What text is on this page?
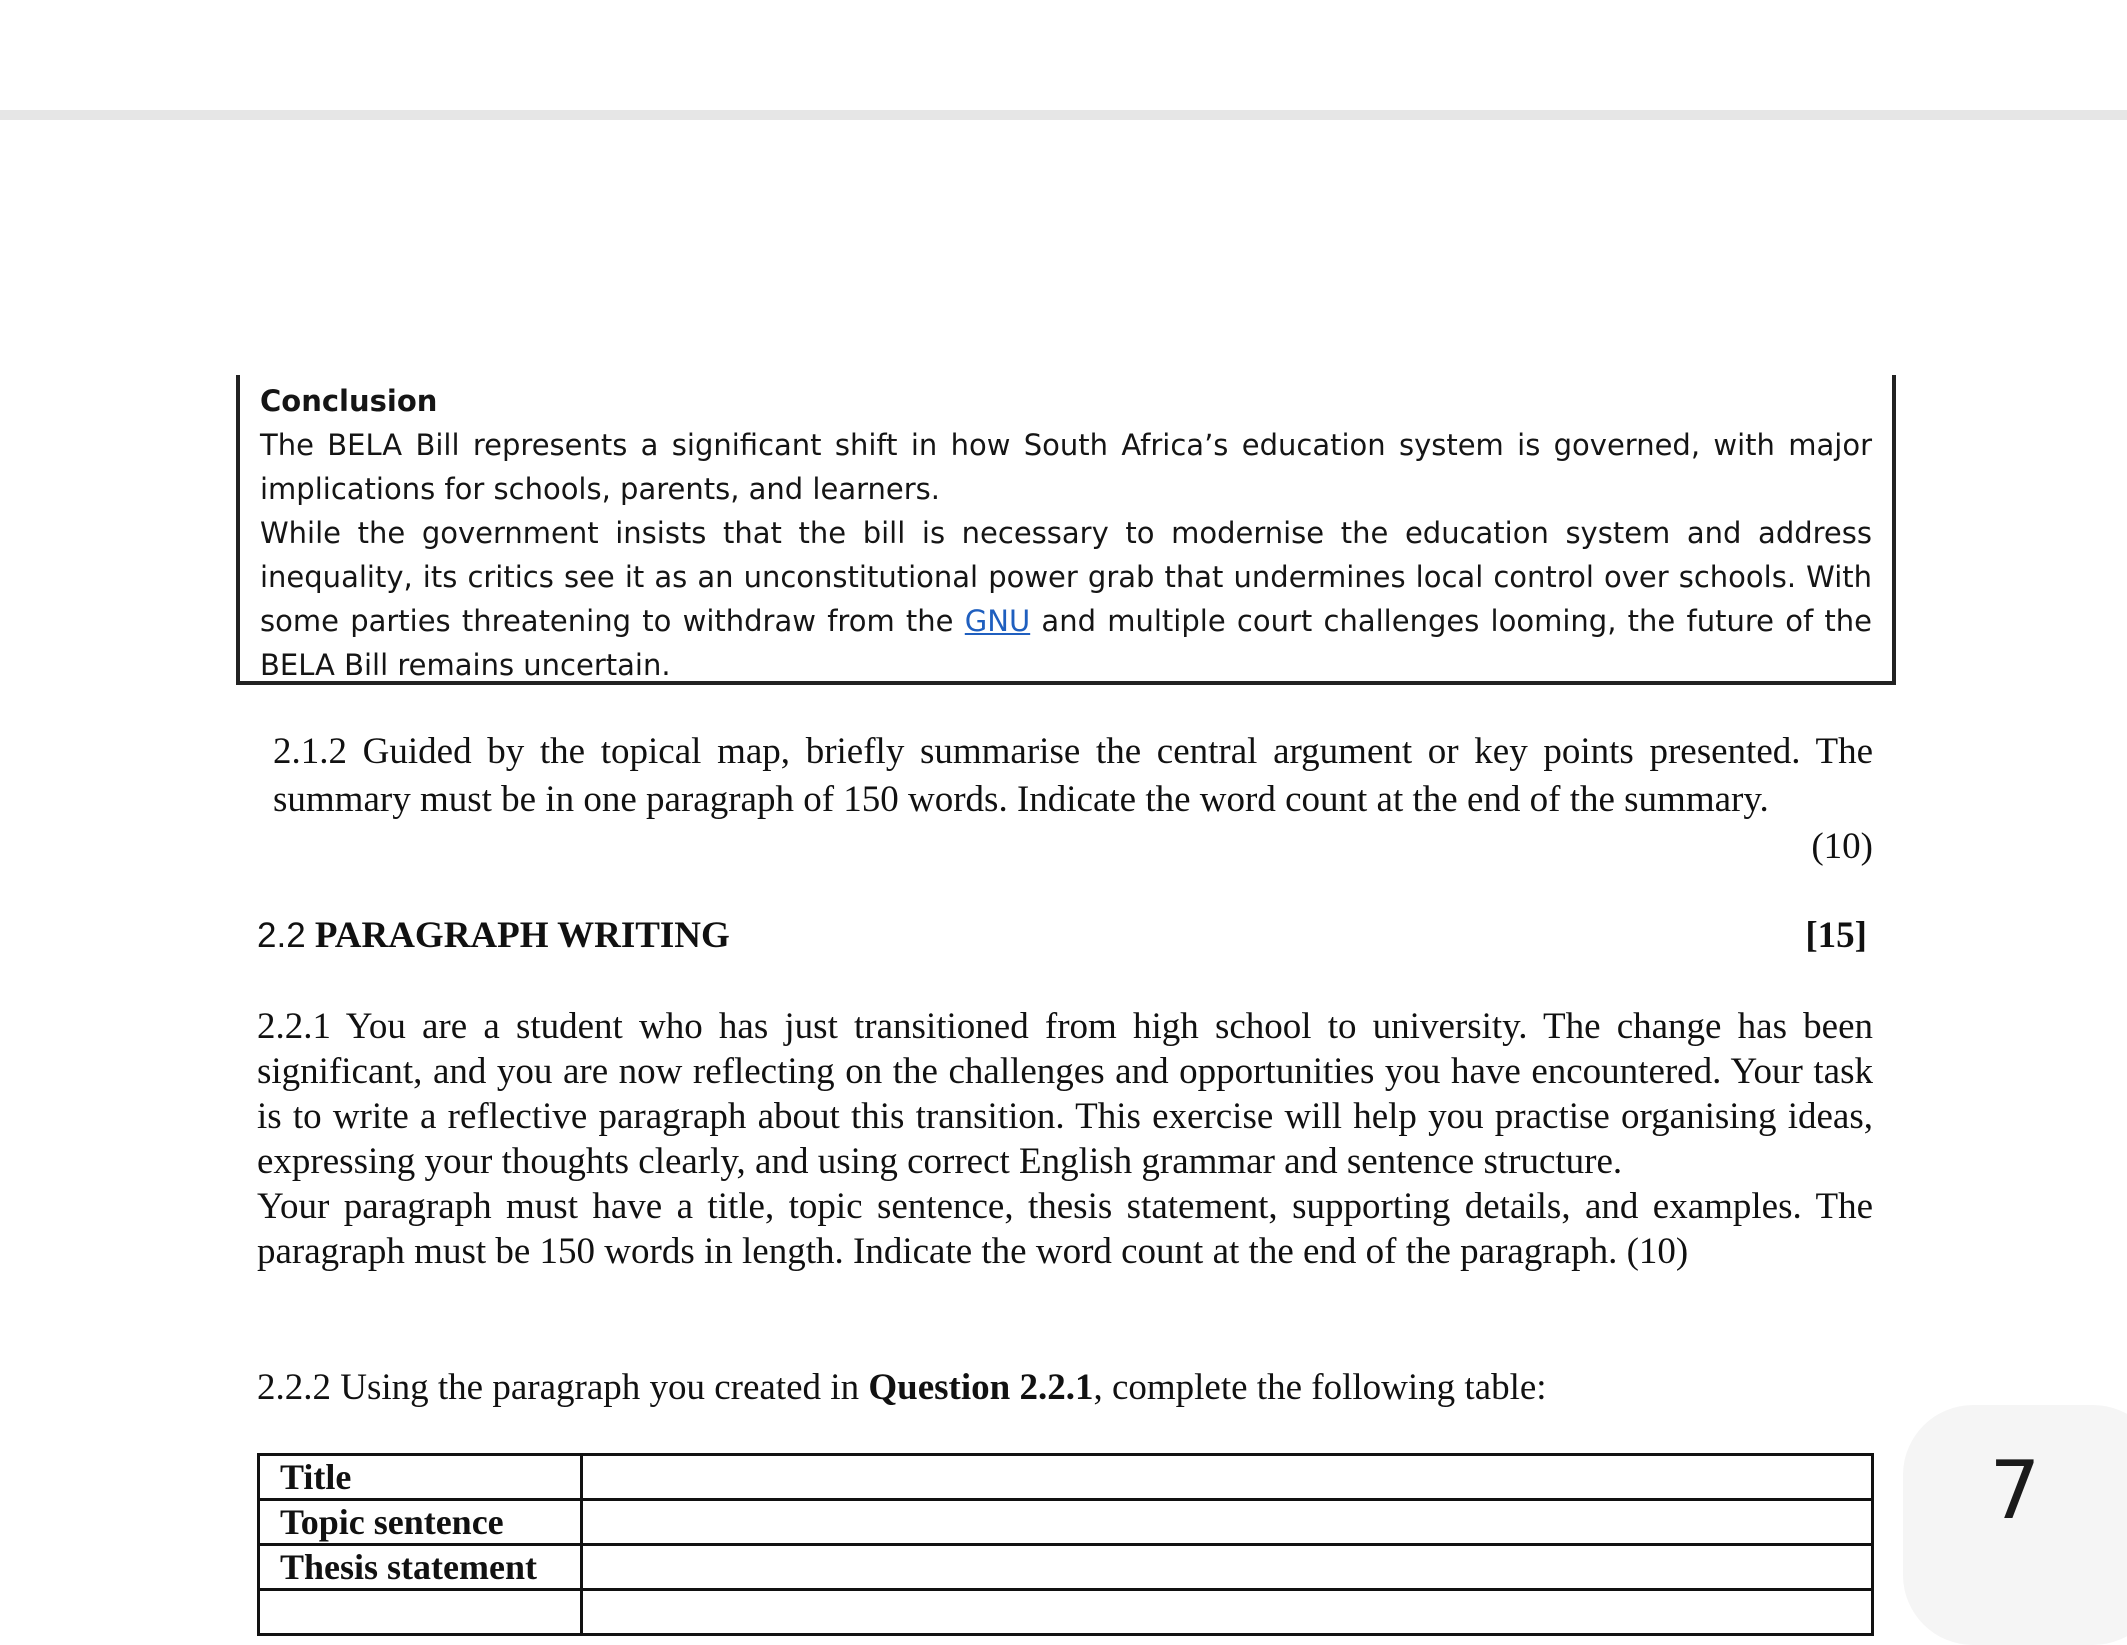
Conclusion

The BELA Bill represents a significant shift in how South Africa’s education system is governed, with major implications for schools, parents, and learners.

While the government insists that the bill is necessary to modernise the education system and address inequality, its critics see it as an unconstitutional power grab that undermines local control over schools. With some parties threatening to withdraw from the GNU and multiple court challenges looming, the future of the BELA Bill remains uncertain.

2.1.2 Guided by the topical map, briefly summarise the central argument or key points presented. The summary must be in one paragraph of 150 words. Indicate the word count at the end of the summary.

(10)
2.2 PARAGRAPH WRITING	[15]

2.2.1 You are a student who has just transitioned from high school to university. The change has been significant, and you are now reflecting on the challenges and opportunities you have encountered. Your task is to write a reflective paragraph about this transition. This exercise will help you practise organising ideas, expressing your thoughts clearly, and using correct English grammar and sentence structure.

Your paragraph must have a title, topic sentence, thesis statement, supporting details, and examples. The paragraph must be 150 words in length. Indicate the word count at the end of the paragraph. (10)

2.2.2 Using the paragraph you created in Question 2.2.1, complete the following table:
Title	
Topic sentence	
Thesis statement	

7
